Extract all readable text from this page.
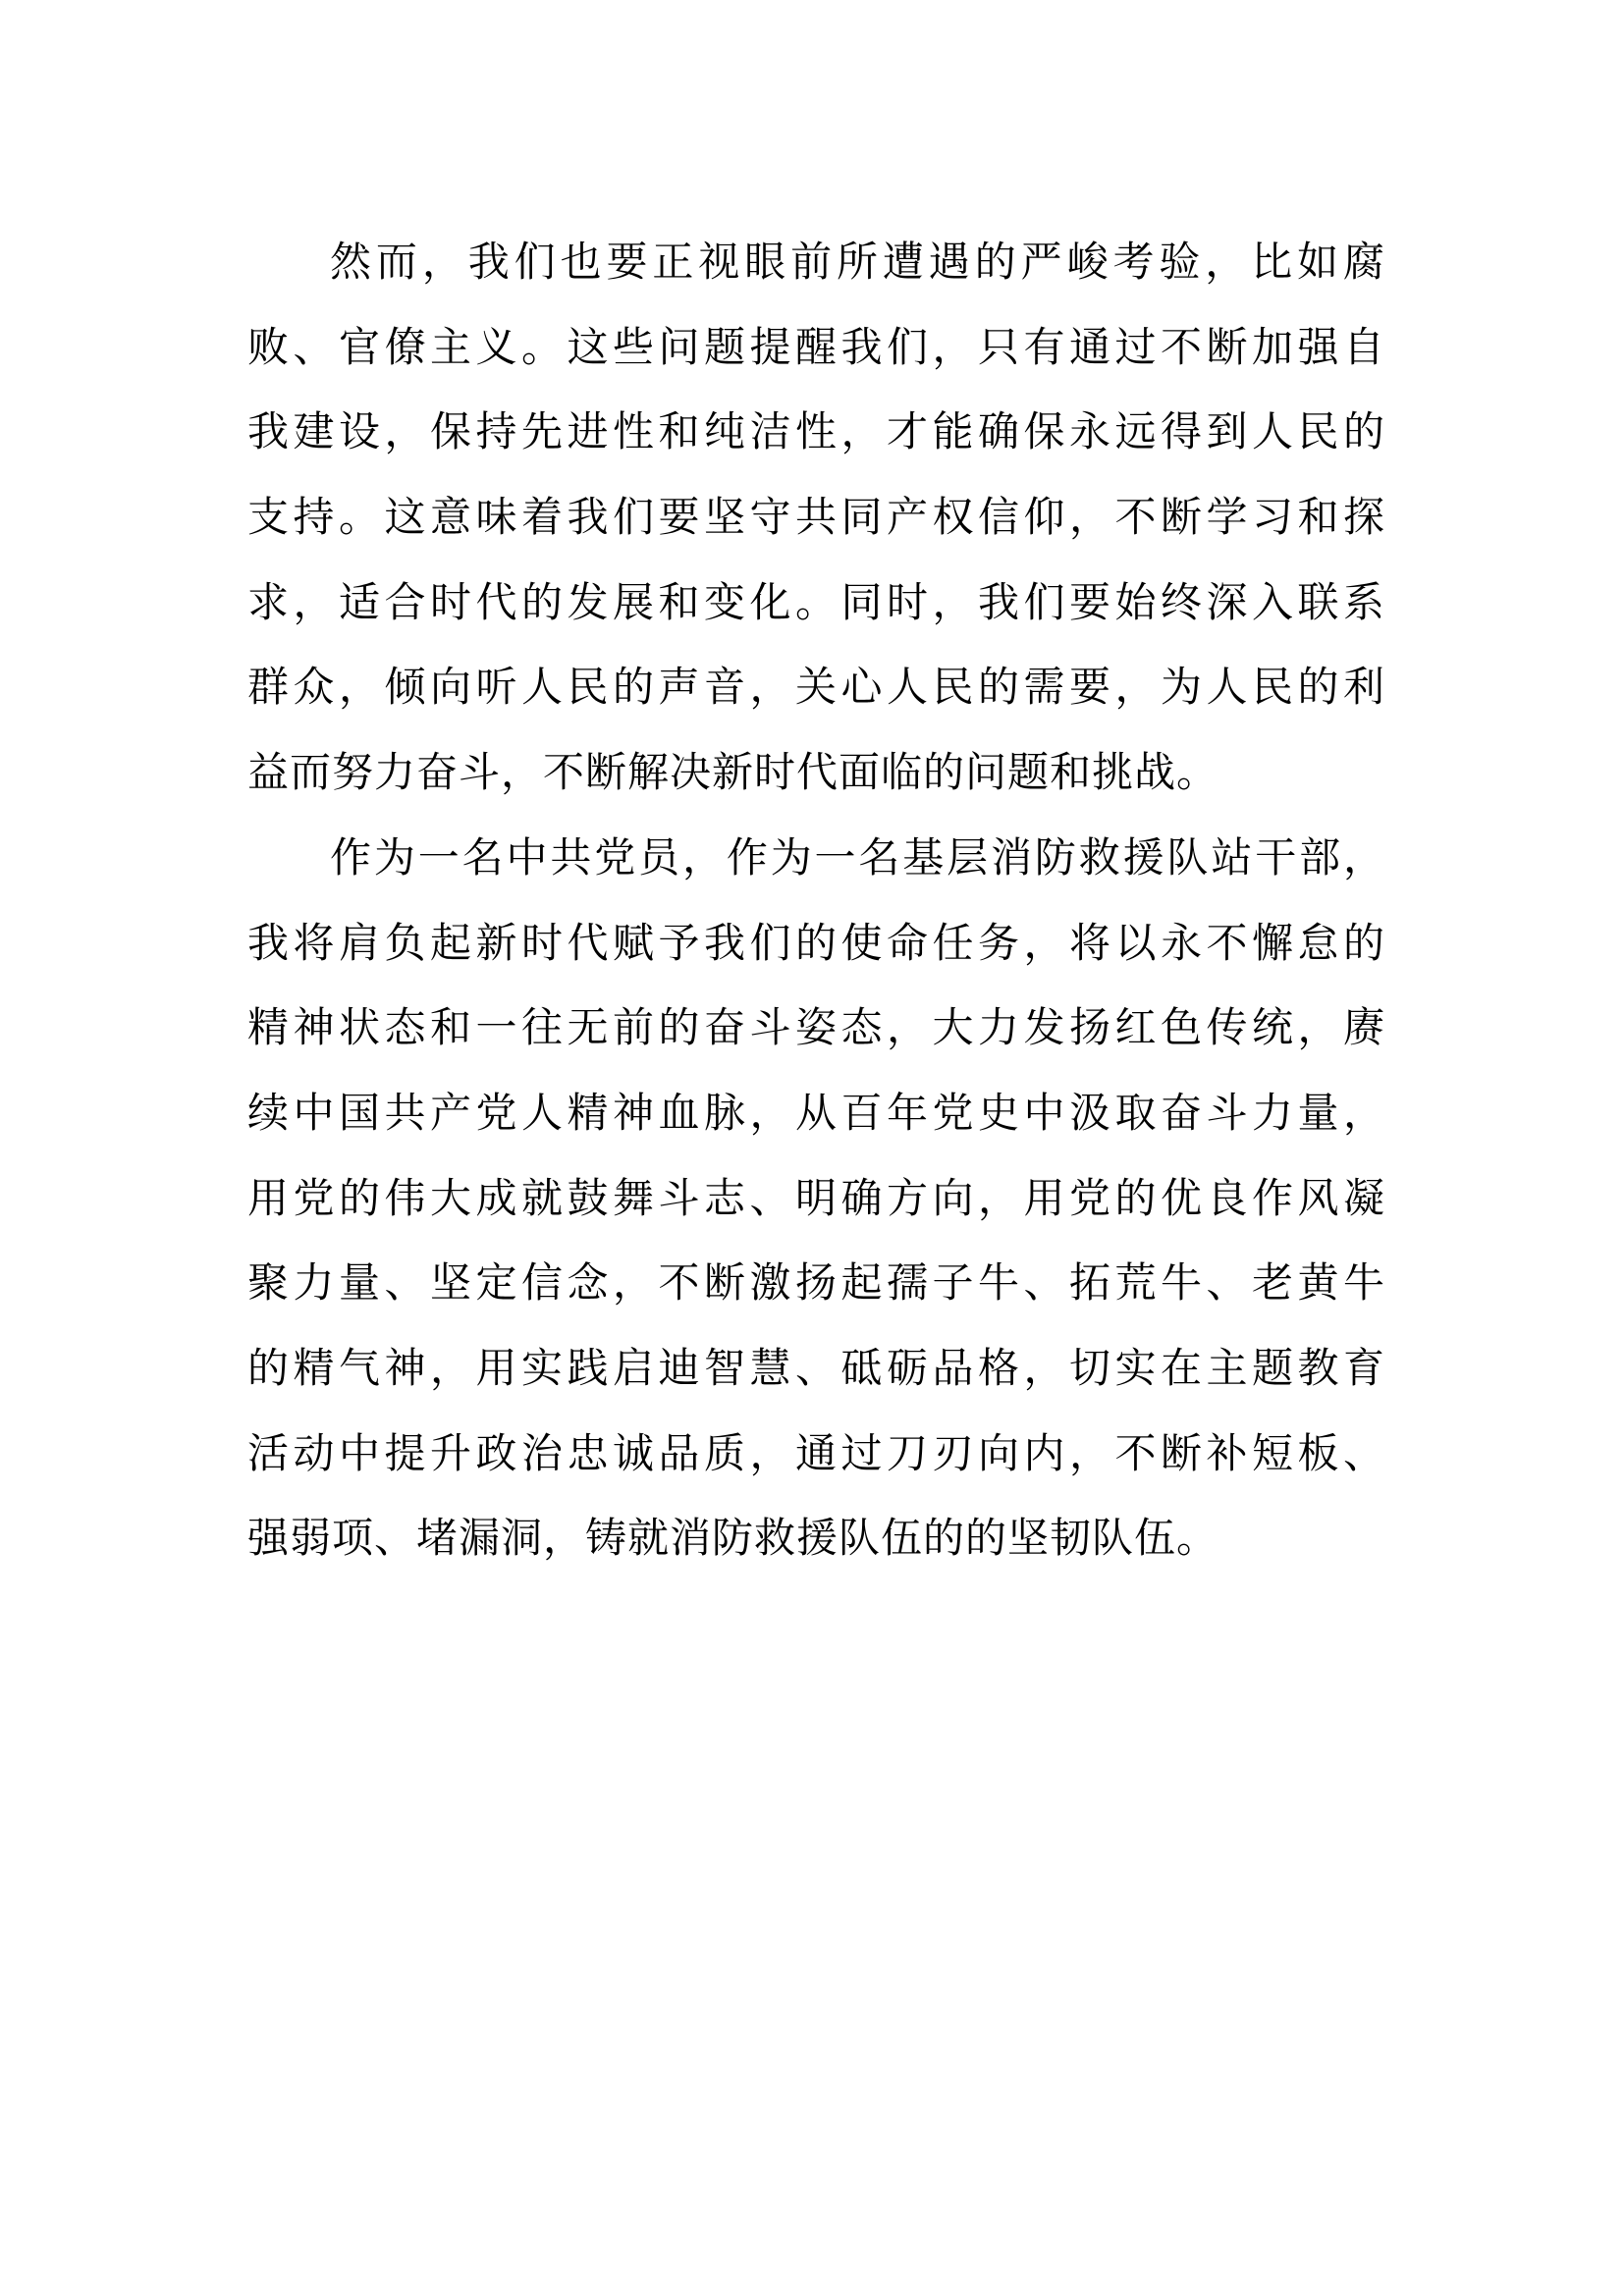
然而，我们也要正视眼前所遭遇的严峻考验，比如腐
败、官僚主义。这些问题提醒我们，只有通过不断加强自
我建设，保持先进性和纯洁性，才能确保永远得到人民的
支持。这意味着我们要坚守共同产权信仰，不断学习和探
求，适合时代的发展和变化。同时，我们要始终深入联系
群众，倾向听人民的声音，关心人民的需要，为人民的利
益而努力奋斗，不断解决新时代面临的问题和挑战。
作为一名中共党员，作为一名基层消防救援队站干部，
我将肩负起新时代赋予我们的使命任务，将以永不懈怠的
精神状态和一往无前的奋斗姿态，大力发扬红色传统，赓
续中国共产党人精神血脉，从百年党史中汲取奋斗力量，
用党的伟大成就鼓舞斗志、明确方向，用党的优良作风凝
聚力量、坚定信念，不断激扬起孺子牛、拓荒牛、老黄牛
的精气神，用实践启迪智慧、砥砺品格，切实在主题教育
活动中提升政治忠诚品质，通过刀刃向内，不断补短板、
强弱项、堵漏洞，铸就消防救援队伍的的坚韧队伍。
